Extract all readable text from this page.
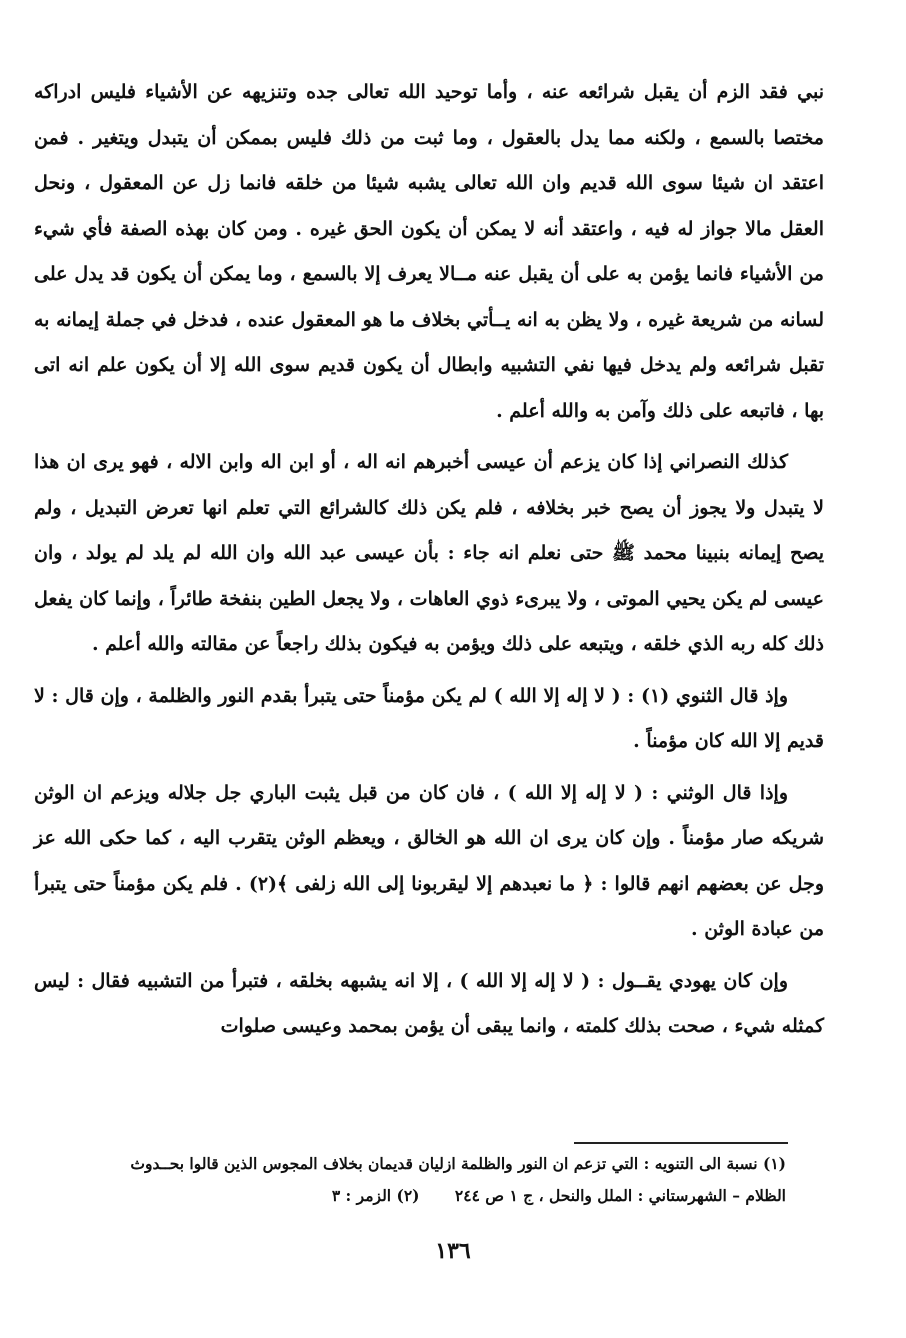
نبي فقد الزم أن يقبل شرائعه عنه ، وأما توحيد الله تعالى جده وتنزيهه عن الأشياء فليس ادراكه مختصا بالسمع ، ولكنه مما يدل بالعقول ، وما ثبت من ذلك فليس بممكن أن يتبدل ويتغير . فمن اعتقد ان شيئا سوى الله قديم وان الله تعالى يشبه شيئا من خلقه فانما زل عن المعقول ، ونحل العقل مالا جواز له فيه ، واعتقد أنه لا يمكن أن يكون الحق غيره . ومن كان بهذه الصفة فأي شيء من الأشياء فانما يؤمن به على أن يقبل عنه مــالا يعرف إلا بالسمع ، وما يمكن أن يكون قد يدل على لسانه من شريعة غيره ، ولا يظن به انه يــأتي بخلاف ما هو المعقول عنده ، فدخل في جملة إيمانه به تقبل شرائعه ولم يدخل فيها نفي التشبيه وابطال أن يكون قديم سوى الله إلا أن يكون علم انه اتى بها ، فاتبعه على ذلك وآمن به والله أعلم .

كذلك النصراني إذا كان يزعم أن عيسى أخبرهم انه اله ، أو ابن اله وابن الاله ، فهو يرى ان هذا لا يتبدل ولا يجوز أن يصح خبر بخلافه ، فلم يكن ذلك كالشرائع التي تعلم انها تعرض التبديل ، ولم يصح إيمانه بنبينا محمد ﷺ حتى نعلم انه جاء : بأن عيسى عبد الله وان الله لم يلد لم يولد ، وان عيسى لم يكن يحيي الموتى ، ولا يبرىء ذوي العاهات ، ولا يجعل الطين بنفخة طائراً ، وإنما كان يفعل ذلك كله ربه الذي خلقه ، ويتبعه على ذلك ويؤمن به فيكون بذلك راجعاً عن مقالته والله أعلم .

وإذ قال الثنوي (١) : ( لا إله إلا الله ) لم يكن مؤمناً حتى يتبرأ بقدم النور والظلمة ، وإن قال : لا قديم إلا الله كان مؤمناً .

وإذا قال الوثني : ( لا إله إلا الله ) ، فان كان من قبل يثبت الباري جل جلاله ويزعم ان الوثن شريكه صار مؤمناً . وإن كان يرى ان الله هو الخالق ، ويعظم الوثن يتقرب اليه ، كما حكى الله عز وجل عن بعضهم انهم قالوا : ﴿ ما نعبدهم إلا ليقربونا إلى الله زلفى ﴾(٢) . فلم يكن مؤمناً حتى يتبرأ من عبادة الوثن .

وإن كان يهودي يقــول : ( لا إله إلا الله ) ، إلا انه يشبهه بخلقه ، فتبرأ من التشبيه فقال : ليس كمثله شيء ، صحت بذلك كلمته ، وانما يبقى أن يؤمن بمحمد وعيسى صلوات

(١) نسبة الى التنويه : التي تزعم ان النور والظلمة ازليان قديمان بخلاف المجوس الذين قالوا بحــدوث

الظلام – الشهرستاني : الملل والنحل ، ج ١ ص ٢٤٤ (٢) الزمر : ٣

١٣٦
